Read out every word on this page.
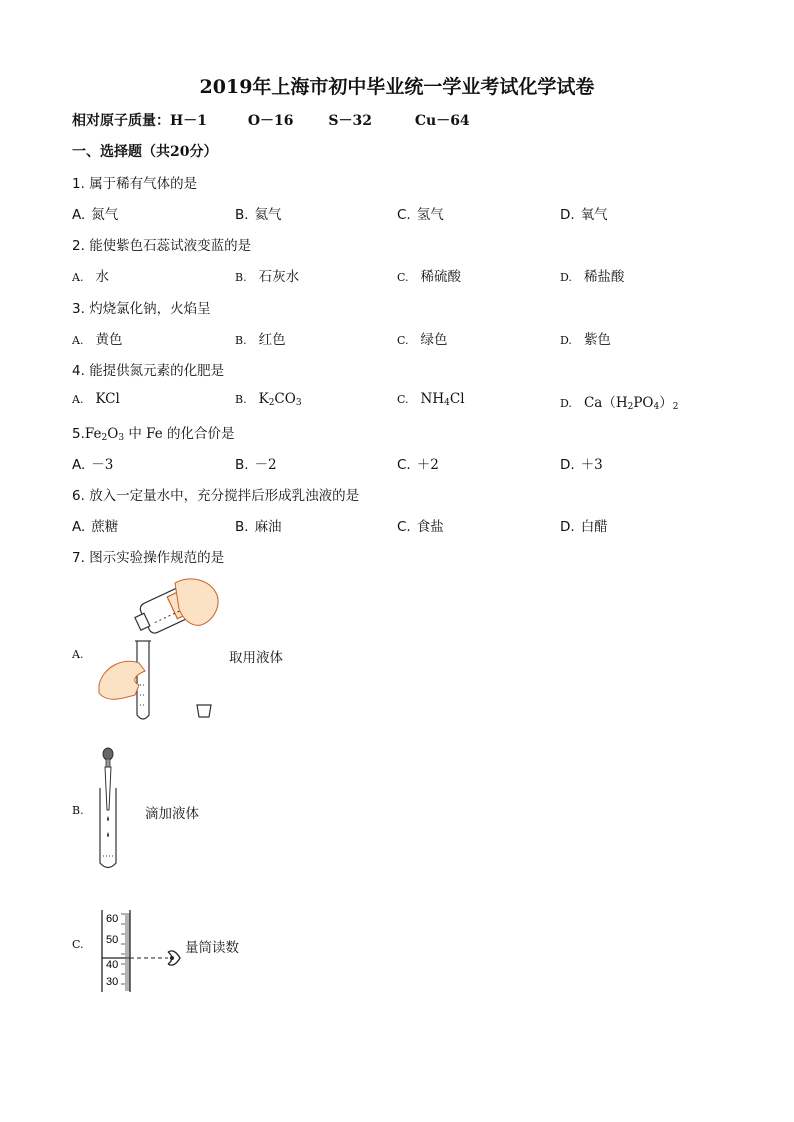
2019年上海市初中毕业统一学业考试化学试卷
相对原子质量：H－1	O－16 S－32	Cu－64
一、选择题（共20分）
1. 属于稀有气体的是
A. 氮气	B. 氦气	C. 氢气	D. 氧气
2. 能使紫色石蕊试液变蓝的是
A. 水	B. 石灰水	C. 稀硫酸	D. 稀盐酸
3. 灼烧氯化钠，火焰呈
A. 黄色	B. 红色	C. 绿色	D. 紫色
4. 能提供氮元素的化肥是
A. KCl	B. $K_2CO_3$	C. $NH_4Cl$	D. $Ca(H_2PO_4)_2$
$5.Fe_2O_3$ 中 Fe 的化合价是
A. －3	B. －2	C. ＋2	D. ＋3
6. 放入一定量水中，充分搅拌后形成乳浊液的是
A. 蔗糖	B. 麻油	C. 食盐	D. 白醋
7. 图示实验操作规范的是
A.	取用液体
B.	滴加液体
C.
60
50
40
30
量筒读数
